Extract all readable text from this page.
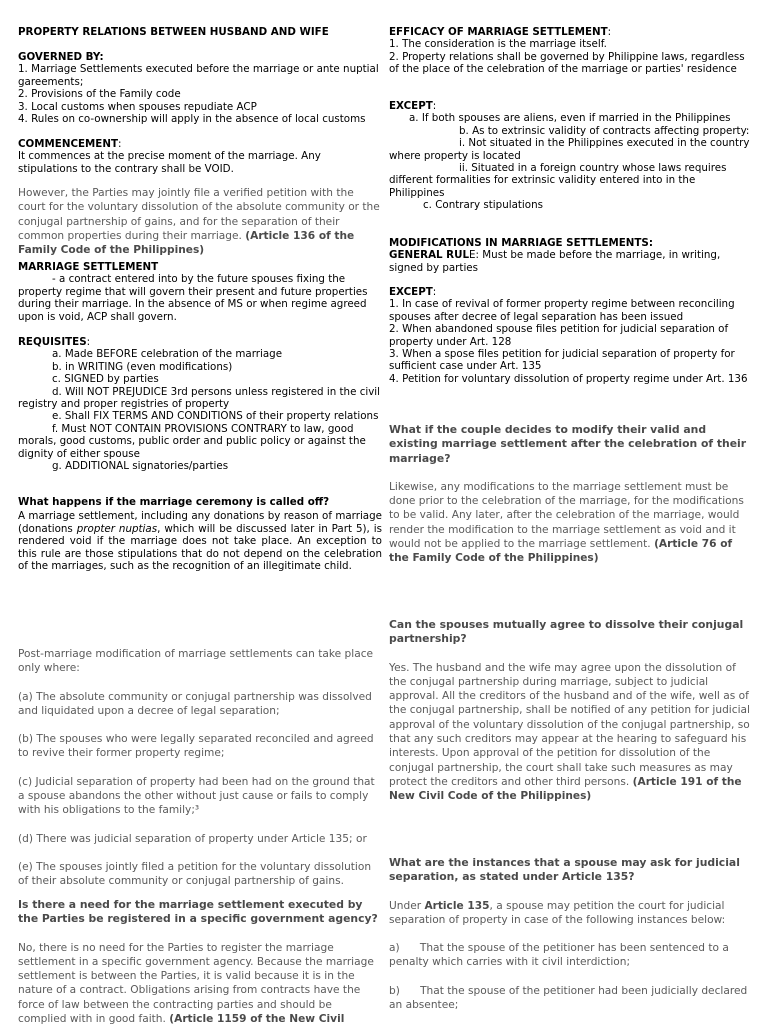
PROPERTY RELATIONS BETWEEN HUSBAND AND WIFE

GOVERNED BY:

1. Marriage Settlements executed before the marriage or ante nuptial gareements;

2. Provisions of the Family code

3. Local customs when spouses repudiate ACP

4. Rules on co-ownership will apply in the absence of local customs

COMMENCEMENT:

It commences at the precise moment of the marriage. Any stipulations to the contrary shall be VOID.

However, the Parties may jointly file a verified petition with the court for the voluntary dissolution of the absolute community or the conjugal partnership of gains, and for the separation of their common properties during their marriage. (Article 136 of the Family Code of the Philippines)

MARRIAGE SETTLEMENT

- a contract entered into by the future spouses fixing the property regime that will govern their present and future properties during their marriage. In the absence of MS or when regime agreed upon is void, ACP shall govern.

REQUISITES:

a. Made BEFORE celebration of the marriage

b. in WRITING (even modifications)

c. SIGNED by parties

d. Will NOT PREJUDICE 3rd persons unless registered in the civil registry and proper registries of property

e. Shall FIX TERMS AND CONDITIONS of their property relations

f. Must NOT CONTAIN PROVISIONS CONTRARY to law, good morals, good customs, public order and public policy or against the dignity of either spouse

g. ADDITIONAL signatories/parties

What happens if the marriage ceremony is called off?

A marriage settlement, including any donations by reason of marriage (donations propter nuptias, which will be discussed later in Part 5), is rendered void if the marriage does not take place. An exception to this rule are those stipulations that do not depend on the celebration of the marriages, such as the recognition of an illegitimate child.

Post-marriage modification of marriage settlements can take place only where:

(a) The absolute community or conjugal partnership was dissolved and liquidated upon a decree of legal separation;

(b) The spouses who were legally separated reconciled and agreed to revive their former property regime;

(c) Judicial separation of property had been had on the ground that a spouse abandons the other without just cause or fails to comply with his obligations to the family;³

(d) There was judicial separation of property under Article 135; or

(e) The spouses jointly filed a petition for the voluntary dissolution of their absolute community or conjugal partnership of gains.

Is there a need for the marriage settlement executed by the Parties be registered in a specific government agency?

No, there is no need for the Parties to register the marriage settlement in a specific government agency. Because the marriage settlement is between the Parties, it is valid because it is in the nature of a contract. Obligations arising from contracts have the force of law between the contracting parties and should be complied with in good faith. (Article 1159 of the New Civil

EFFICACY OF MARRIAGE SETTLEMENT:

1. The consideration is the marriage itself.

2. Property relations shall be governed by Philippine laws, regardless of the place of the celebration of the marriage or parties' residence

EXCEPT:

a. If both spouses are aliens, even if married in the Philippines

b. As to extrinsic validity of contracts affecting property:

i. Not situated in the Philippines executed in the country where property is located

ii. Situated in a foreign country whose laws requires different formalities for extrinsic validity entered into in the Philippines

c. Contrary stipulations

MODIFICATIONS IN MARRIAGE SETTLEMENTS:

GENERAL RULE: Must be made before the marriage, in writing, signed by parties

EXCEPT:

1. In case of revival of former property regime between reconciling spouses after decree of legal separation has been issued

2. When abandoned spouse files petition for judicial separation of property under Art. 128

3. When a spose files petition for judicial separation of property for sufficient case under Art. 135

4. Petition for voluntary dissolution of property regime under Art. 136

What if the couple decides to modify their valid and existing marriage settlement after the celebration of their marriage?

Likewise, any modifications to the marriage settlement must be done prior to the celebration of the marriage, for the modifications to be valid. Any later, after the celebration of the marriage, would render the modification to the marriage settlement as void and it would not be applied to the marriage settlement. (Article 76 of the Family Code of the Philippines)

Can the spouses mutually agree to dissolve their conjugal partnership?

Yes. The husband and the wife may agree upon the dissolution of the conjugal partnership during marriage, subject to judicial approval. All the creditors of the husband and of the wife, well as of the conjugal partnership, shall be notified of any petition for judicial approval of the voluntary dissolution of the conjugal partnership, so that any such creditors may appear at the hearing to safeguard his interests. Upon approval of the petition for dissolution of the conjugal partnership, the court shall take such measures as may protect the creditors and other third persons. (Article 191 of the New Civil Code of the Philippines)

What are the instances that a spouse may ask for judicial separation, as stated under Article 135?

Under Article 135, a spouse may petition the court for judicial separation of property in case of the following instances below:

a) That the spouse of the petitioner has been sentenced to a penalty which carries with it civil interdiction;

b) That the spouse of the petitioner had been judicially declared an absentee;
